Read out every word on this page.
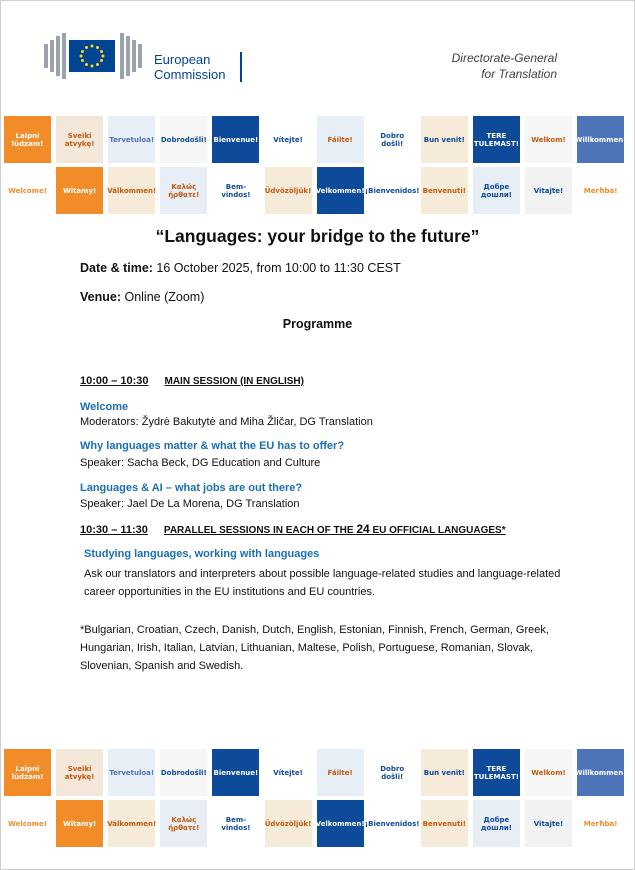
European
Commission
Directorate-General
for Translation
Laipni lūdzam!
Sveiki atvykę!	Tervetuloa! Dobrodošli! Bienvenue! Vítejte!	Fáilte!	Dobro došli!	Bun venit!	TERE TULEMAST! Welkom! Willkommen!
Welcome! Witamy! Välkommen!	Καλώς ήρθατε!
Bem-vindos!	Üdvözöljük! Velkommen! ¡Bienvenidos! Benvenuti!	Добре дошли!	Vitajte!	Merħba!
“Languages: your bridge to the future”
Date & time: 16 October 2025, from 10:00 to 11:30 CEST
Venue: Online (Zoom)
Programme
10:00 – 10:30 MAIN SESSION (IN ENGLISH)
Welcome
Moderators: Žydrė Bakutytė and Miha Žličar, DG Translation
Why languages matter & what the EU has to offer?
Speaker: Sacha Beck, DG Education and Culture
Languages & AI – what jobs are out there?
Speaker: Jael De La Morena, DG Translation
10:30 – 11:30 PARALLEL SESSIONS IN EACH OF THE 24 EU OFFICIAL LANGUAGES*
Studying languages, working with languages
Ask our translators and interpreters about possible language-related studies and language-related career opportunities in the EU institutions and EU countries.
*Bulgarian, Croatian, Czech, Danish, Dutch, English, Estonian, Finnish, French, German, Greek, Hungarian, Irish, Italian, Latvian, Lithuanian, Maltese, Polish, Portuguese, Romanian, Slovak, Slovenian, Spanish and Swedish.
Laipni lūdzam!
Sveiki atvykę!	Tervetuloa! Dobrodošli! Bienvenue! Vítejte!	Fáilte!	Dobro došli!	Bun venit!	TERE TULEMAST! Welkom! Willkommen!
Welcome! Witamy! Välkommen!	Καλώς ήρθατε!
Bem-vindos!	Üdvözöljük! Velkommen! ¡Bienvenidos! Benvenuti!	Добре дошли!	Vitajte!	Merħba!
